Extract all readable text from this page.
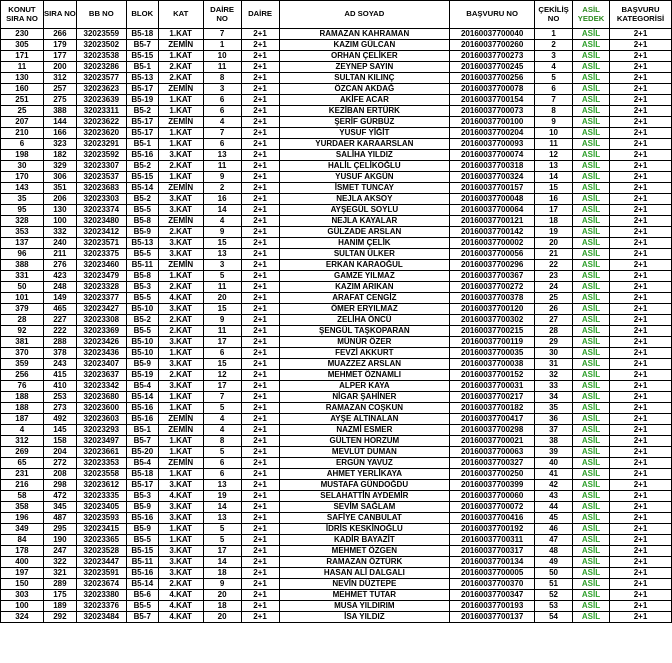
KONUT SIRA NO	SIRA NO	BB NO	BLOK	KAT	DAİRE NO	DAİRE	AD SOYAD	BAŞVURU NO	ÇEKİLİŞ NO	ASİL YEDEK	BAŞVURU KATEGORİSİ
230	266	32023559	B5-18	1.KAT	7	2+1	RAMAZAN KAHRAMAN	20160037700040	1	ASİL	2+1
305	179	32023502	B5-7	ZEMİN	1	2+1	KAZIM GÜLCAN	20160037700260	2	ASİL	2+1
171	177	32023538	B5-15	1.KAT	10	2+1	ORHAN ÇELİKER	20160037700273	3	ASİL	2+1
11	200	32023286	B5-1	2.KAT	11	2+1	ZEYNEP SAYIN	20160037700245	4	ASİL	2+1
130	312	32023577	B5-13	2.KAT	8	2+1	SULTAN KILINÇ	20160037700256	5	ASİL	2+1
160	257	32023623	B5-17	ZEMİN	3	2+1	ÖZCAN AKDAĞ	20160037700078	6	ASİL	2+1
251	275	32023639	B5-19	1.KAT	6	2+1	AKİFE ACAR	20160037700154	7	ASİL	2+1
25	388	32023311	B5-2	1.KAT	6	2+1	KEZİBAN ERTÜRK	20160037700073	8	ASİL	2+1
207	144	32023622	B5-17	ZEMİN	4	2+1	ŞERİF GÜRBÜZ	20160037700100	9	ASİL	2+1
210	166	32023620	B5-17	1.KAT	7	2+1	YUSUF YİĞİT	20160037700204	10	ASİL	2+1
6	323	32023291	B5-1	1.KAT	6	2+1	YURDAER KARAARSLAN	20160037700093	11	ASİL	2+1
198	182	32023592	B5-16	3.KAT	13	2+1	SALİHA YILDIZ	20160037700074	12	ASİL	2+1
30	329	32023307	B5-2	2.KAT	11	2+1	HALİL ÇELİKOĞLU	20160037700318	13	ASİL	2+1
170	306	32023537	B5-15	1.KAT	9	2+1	YUSUF AKGÜN	20160037700324	14	ASİL	2+1
143	351	32023683	B5-14	ZEMİN	2	2+1	İSMET TUNCAY	20160037700157	15	ASİL	2+1
35	206	32023303	B5-2	3.KAT	16	2+1	NEJLA AKSOY	20160037700048	16	ASİL	2+1
95	130	32023374	B5-5	3.KAT	14	2+1	AYŞEGÜL SOYLU	20160037700064	17	ASİL	2+1
328	100	32023480	B5-8	ZEMİN	4	2+1	NEJLA KAYALAR	20160037700121	18	ASİL	2+1
353	332	32023412	B5-9	2.KAT	9	2+1	GÜLZADE ARSLAN	20160037700142	19	ASİL	2+1
137	240	32023571	B5-13	3.KAT	15	2+1	HANIM ÇELİK	20160037700002	20	ASİL	2+1
96	211	32023375	B5-5	3.KAT	13	2+1	SULTAN ÜLKER	20160037700056	21	ASİL	2+1
388	276	32023460	B5-11	ZEMİN	3	2+1	ERKAN KARAOĞUL	20160037700296	22	ASİL	2+1
331	423	32023479	B5-8	1.KAT	5	2+1	GAMZE YILMAZ	20160037700367	23	ASİL	2+1
50	248	32023328	B5-3	2.KAT	11	2+1	KAZIM ARIKAN	20160037700272	24	ASİL	2+1
101	149	32023377	B5-5	4.KAT	20	2+1	ARAFAT CENGİZ	20160037700378	25	ASİL	2+1
379	465	32023427	B5-10	3.KAT	15	2+1	ÖMER ERYILMAZ	20160037700120	26	ASİL	2+1
28	227	32023308	B5-2	2.KAT	9	2+1	ZELİHA ÖNCÜ	20160037700302	27	ASİL	2+1
92	222	32023369	B5-5	2.KAT	11	2+1	ŞENGÜL TAŞKOPARAN	20160037700215	28	ASİL	2+1
381	288	32023426	B5-10	3.KAT	17	2+1	MÜNÜR ÖZER	20160037700119	29	ASİL	2+1
370	378	32023436	B5-10	1.KAT	6	2+1	FEVZİ AKKURT	20160037700035	30	ASİL	2+1
359	243	32023407	B5-9	3.KAT	15	2+1	MUAZZEZ ARSLAN	20160037700038	31	ASİL	2+1
256	415	32023637	B5-19	2.KAT	12	2+1	MEHMET ÖZNAMLI	20160037700152	32	ASİL	2+1
76	410	32023342	B5-4	3.KAT	17	2+1	ALPER KAYA	20160037700031	33	ASİL	2+1
188	253	32023680	B5-14	1.KAT	7	2+1	NİGAR ŞAHİNER	20160037700217	34	ASİL	2+1
188	273	32023600	B5-16	1.KAT	5	2+1	RAMAZAN COŞKUN	20160037700182	35	ASİL	2+1
187	492	32023603	B5-16	ZEMİN	4	2+1	AYŞE ALTINALAN	20160037700417	36	ASİL	2+1
4	145	32023293	B5-1	ZEMİN	4	2+1	NAZMİ ESMER	20160037700298	37	ASİL	2+1
312	158	32023497	B5-7	1.KAT	8	2+1	GÜLTEN HORZUM	20160037700021	38	ASİL	2+1
269	204	32023661	B5-20	1.KAT	5	2+1	MEVLÜT DUMAN	20160037700063	39	ASİL	2+1
65	272	32023353	B5-4	ZEMİN	6	2+1	ERGÜN YAVUZ	20160037700327	40	ASİL	2+1
231	208	32023558	B5-18	1.KAT	6	2+1	AHMET YERLİKAYA	20160037700250	41	ASİL	2+1
216	298	32023612	B5-17	3.KAT	13	2+1	MUSTAFA GÜNDOĞDU	20160037700399	42	ASİL	2+1
58	472	32023335	B5-3	4.KAT	19	2+1	SELAHATTİN AYDEMİR	20160037700060	43	ASİL	2+1
358	345	32023405	B5-9	3.KAT	14	2+1	SEVİM SAĞLAM	20160037700072	44	ASİL	2+1
196	487	32023593	B5-16	3.KAT	13	2+1	SAFİYE CANBULAT	20160037700416	45	ASİL	2+1
349	295	32023415	B5-9	1.KAT	5	2+1	İDRİS KESKİNOĞLU	20160037700192	46	ASİL	2+1
84	190	32023365	B5-5	1.KAT	5	2+1	KADİR BAYAZİT	20160037700311	47	ASİL	2+1
178	247	32023528	B5-15	3.KAT	17	2+1	MEHMET ÖZGEN	20160037700317	48	ASİL	2+1
400	322	32023447	B5-11	3.KAT	14	2+1	RAMAZAN ÖZTÜRK	20160037700134	49	ASİL	2+1
197	321	32023591	B5-16	3.KAT	18	2+1	HASAN ALİ DALGALI	20160037700005	50	ASİL	2+1
150	289	32023674	B5-14	2.KAT	9	2+1	NEVİN DÜZTEPE	20160037700370	51	ASİL	2+1
303	175	32023380	B5-6	4.KAT	20	2+1	MEHMET TUTAR	20160037700347	52	ASİL	2+1
100	189	32023376	B5-5	4.KAT	18	2+1	MUSA YILDIRIM	20160037700193	53	ASİL	2+1
324	292	32023484	B5-7	4.KAT	20	2+1	İSA YILDIZ	20160037700137	54	ASİL	2+1
